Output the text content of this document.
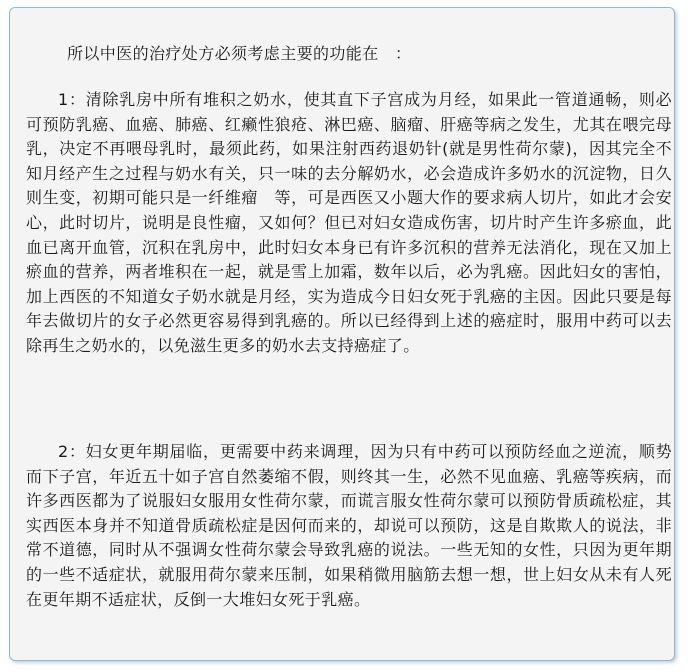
所以中医的治疗处方必须考虑主要的功能在　：

1：清除乳房中所有堆积之奶水，使其直下子宫成为月经，如果此一管道通畅，则必可预防乳癌、血癌、肺癌、红癞性狼疮、淋巴癌、脑瘤、肝癌等病之发生，尤其在喂完母乳，决定不再喂母乳时，最须此药，如果注射西药退奶针(就是男性荷尔蒙)，因其完全不知月经产生之过程与奶水有关，只一味的去分解奶水，必会造成许多奶水的沉淀物，日久则生变，初期可能只是一纤维瘤　等，可是西医又小题大作的要求病人切片，如此才会安心，此时切片，说明是良性瘤，又如何？但已对妇女造成伤害，切片时产生许多瘀血，此血已离开血管，沉积在乳房中，此时妇女本身已有许多沉积的营养无法消化，现在又加上瘀血的营养，两者堆积在一起，就是雪上加霜，数年以后，必为乳癌。因此妇女的害怕，加上西医的不知道女子奶水就是月经，实为造成今日妇女死于乳癌的主因。因此只要是每年去做切片的女子必然更容易得到乳癌的。所以已经得到上述的癌症时，服用中药可以去除再生之奶水的，以免滋生更多的奶水去支持癌症了。

2：妇女更年期届临，更需要中药来调理，因为只有中药可以预防经血之逆流，顺势而下子宫，年近五十如子宫自然萎缩不假，则终其一生，必然不见血癌、乳癌等疾病，而许多西医都为了说服妇女服用女性荷尔蒙，而谎言服女性荷尔蒙可以预防骨质疏松症，其实西医本身并不知道骨质疏松症是因何而来的，却说可以预防，这是自欺欺人的说法，非常不道德，同时从不强调女性荷尔蒙会导致乳癌的说法。一些无知的女性，只因为更年期的一些不适症状，就服用荷尔蒙来压制，如果稍微用脑筋去想一想，世上妇女从未有人死在更年期不适症状，反倒一大堆妇女死于乳癌。
